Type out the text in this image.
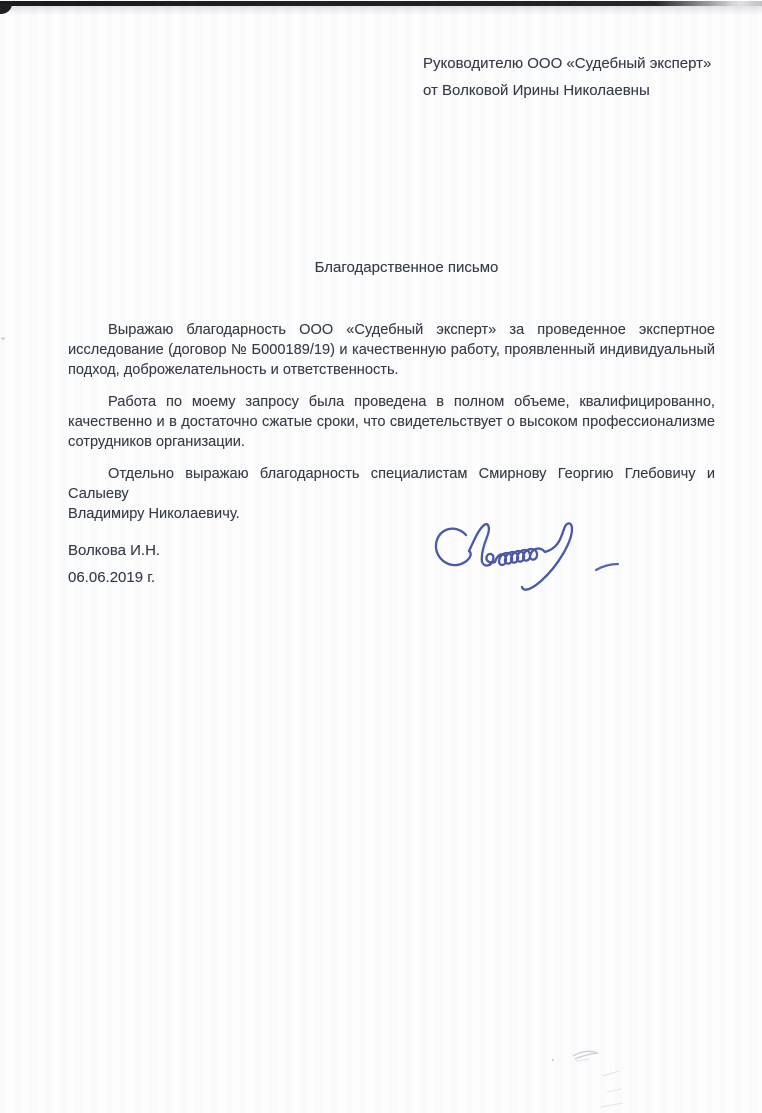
Руководителю ООО «Судебный эксперт»
от Волковой Ирины Николаевны
Благодарственное письмо

Выражаю благодарность ООО «Судебный эксперт» за проведенное экспертное
исследование (договор № Б000189/19) и качественную работу, проявленный индивидуальный
подход, доброжелательность и ответственность.

Работа по моему запросу была проведена в полном объеме, квалифицированно,
качественно и в достаточно сжатые сроки, что свидетельствует о высоком профессионализме
сотрудников организации.

Отдельно выражаю благодарность специалистам Смирнову Георгию Глебовичу и Салыеву
Владимиру Николаевичу.

Волкова И.Н.
06.06.2019 г.
